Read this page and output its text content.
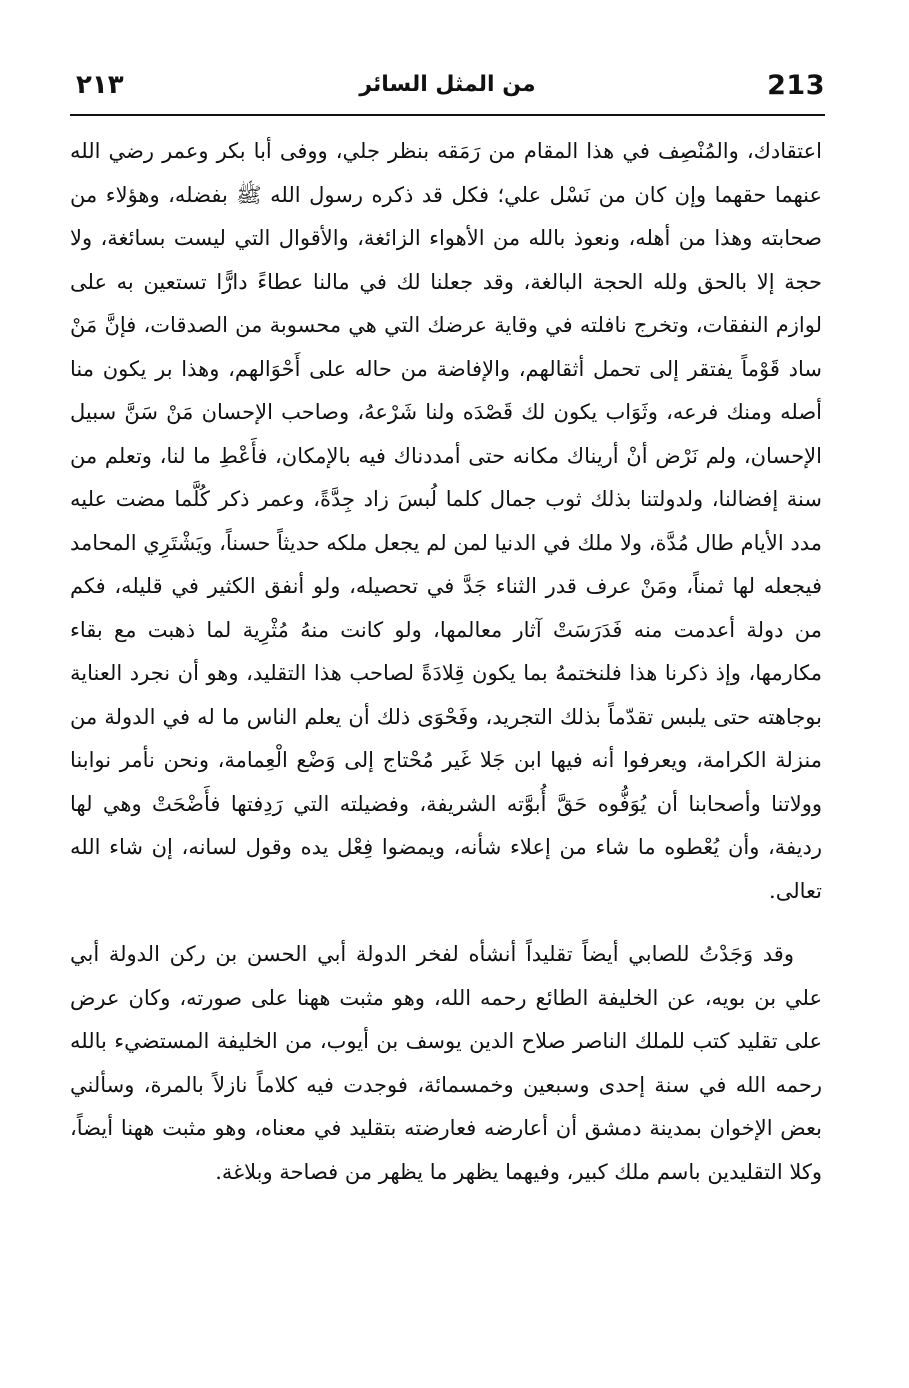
213
من المثل السائر
٢١٣

اعتقادك، والمُنْصِف في هذا المقام من رَمَقه بنظر جلي، ووفى أبا بكر وعمر رضي الله عنهما حقهما وإن كان من نَسْل علي؛ فكل قد ذكره رسول الله ﷺ بفضله، وهؤلاء من صحابته وهذا من أهله، ونعوذ بالله من الأهواء الزائغة، والأقوال التي ليست بسائغة، ولا حجة إلا بالحق ولله الحجة البالغة، وقد جعلنا لك في مالنا عطاءً دارًّا تستعين به على لوازم النفقات، وتخرج نافلته في وقاية عرضك التي هي محسوبة من الصدقات، فإنَّ مَنْ ساد قَوْماً يفتقر إلى تحمل أثقالهم، والإفاضة من حاله على أَحْوَالهم، وهذا بر يكون منا أصله ومنك فرعه، وثَوَاب يكون لك قَصْدَه ولنا شَرْعهُ، وصاحب الإحسان مَنْ سَنَّ سبيل الإحسان، ولم نَرْض أنْ أريناك مكانه حتى أمددناك فيه بالإمكان، فأَعْطِ ما لنا، وتعلم من سنة إفضالنا، ولدولتنا بذلك ثوب جمال كلما لُبسَ زاد جِدَّةً، وعمر ذكر كُلَّما مضت عليه مدد الأيام طال مُدَّة، ولا ملك في الدنيا لمن لم يجعل ملكه حديثاً حسناً، ويَشْتَرِي المحامد فيجعله لها ثمناً، ومَنْ عرف قدر الثناء جَدَّ في تحصيله، ولو أنفق الكثير في قليله، فكم من دولة أعدمت منه فَدَرَسَتْ آثار معالمها، ولو كانت منهُ مُثْرِية لما ذهبت مع بقاء مكارمها، وإذ ذكرنا هذا فلنختمهُ بما يكون قِلادَةً لصاحب هذا التقليد، وهو أن نجرد العناية بوجاهته حتى يلبس تقدّماً بذلك التجريد، وفَحْوَى ذلك أن يعلم الناس ما له في الدولة من منزلة الكرامة، ويعرفوا أنه فيها ابن جَلا غَير مُحْتاج إلى وَضْع الْعِمامة، ونحن نأمر نوابنا وولاتنا وأصحابنا أن يُوَفُّوه حَقَّ أُبوَّته الشريفة، وفضيلته التي رَدِفتها فأَضْحَتْ وهي لها رديفة، وأن يُعْطوه ما شاء من إعلاء شأنه، ويمضوا فِعْل يده وقول لسانه، إن شاء الله تعالى.

وقد وَجَدْتُ للصابي أيضاً تقليداً أنشأه لفخر الدولة أبي الحسن بن ركن الدولة أبي علي بن بويه، عن الخليفة الطائع رحمه الله، وهو مثبت ههنا على صورته، وكان عرض على تقليد كتب للملك الناصر صلاح الدين يوسف بن أيوب، من الخليفة المستضيء بالله رحمه الله في سنة إحدى وسبعين وخمسمائة، فوجدت فيه كلاماً نازلاً بالمرة، وسألني بعض الإخوان بمدينة دمشق أن أعارضه فعارضته بتقليد في معناه، وهو مثبت ههنا أيضاً، وكلا التقليدين باسم ملك كبير، وفيهما يظهر ما يظهر من فصاحة وبلاغة.
